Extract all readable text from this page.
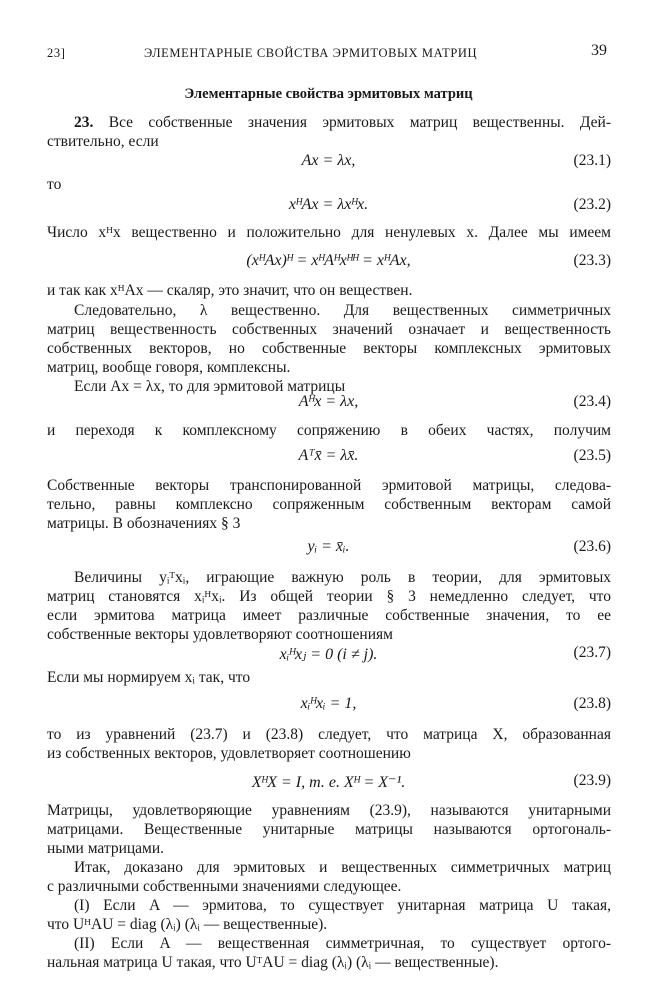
23]	ЭЛЕМЕНТАРНЫЕ СВОЙСТВА ЭРМИТОВЫХ МАТРИЦ	39
Элементарные свойства эрмитовых матриц
23. Все собственные значения эрмитовых матриц вещественны. Дей-
ствительно, если
Ax = λx,	(23.1)
то
xᴴAx = λxᴴx.	(23.2)
Число xᴴx вещественно и положительно для ненулевых x. Далее мы имеем
(xᴴAx)ᴴ = xᴴAᴴxᴴᴴ = xᴴAx,	(23.3)
и так как xᴴAx — скаляр, это значит, что он веществен.
Следовательно, λ вещественно. Для вещественных симметричных
матриц вещественность собственных значений означает и вещественность
собственных векторов, но собственные векторы комплексных эрмитовых
матриц, вообще говоря, комплексны.
Если Ax = λx, то для эрмитовой матрицы
Aᴴx = λx,	(23.4)
и переходя к комплексному сопряжению в обеих частях, получим
Aᵀx̄ = λx̄.	(23.5)
Собственные векторы транспонированной эрмитовой матрицы, следова-
тельно, равны комплексно сопряженным собственным векторам самой
матрицы. В обозначениях § 3
yᵢ = x̄ᵢ.	(23.6)
Величины yᵢᵀxᵢ, играющие важную роль в теории, для эрмитовых
матриц становятся xᵢᴴxᵢ. Из общей теории § 3 немедленно следует, что
если эрмитова матрица имеет различные собственные значения, то ее
собственные векторы удовлетворяют соотношениям
xᵢᴴxⱼ = 0 (i ≠ j).	(23.7)
Если мы нормируем xᵢ так, что
xᵢᴴxᵢ = 1,	(23.8)
то из уравнений (23.7) и (23.8) следует, что матрица X, образованная
из собственных векторов, удовлетворяет соотношению
XᴴX = I, т. е. Xᴴ = X⁻¹.	(23.9)
Матрицы, удовлетворяющие уравнениям (23.9), называются унитарными
матрицами. Вещественные унитарные матрицы называются ортогональ-
ными матрицами.
Итак, доказано для эрмитовых и вещественных симметричных матриц
с различными собственными значениями следующее.
(I) Если A — эрмитова, то существует унитарная матрица U такая,
что UᴴAU = diag (λᵢ) (λᵢ — вещественные).
(II) Если A — вещественная симметричная, то существует ортого-
нальная матрица U такая, что UᵀAU = diag (λᵢ) (λᵢ — вещественные).
